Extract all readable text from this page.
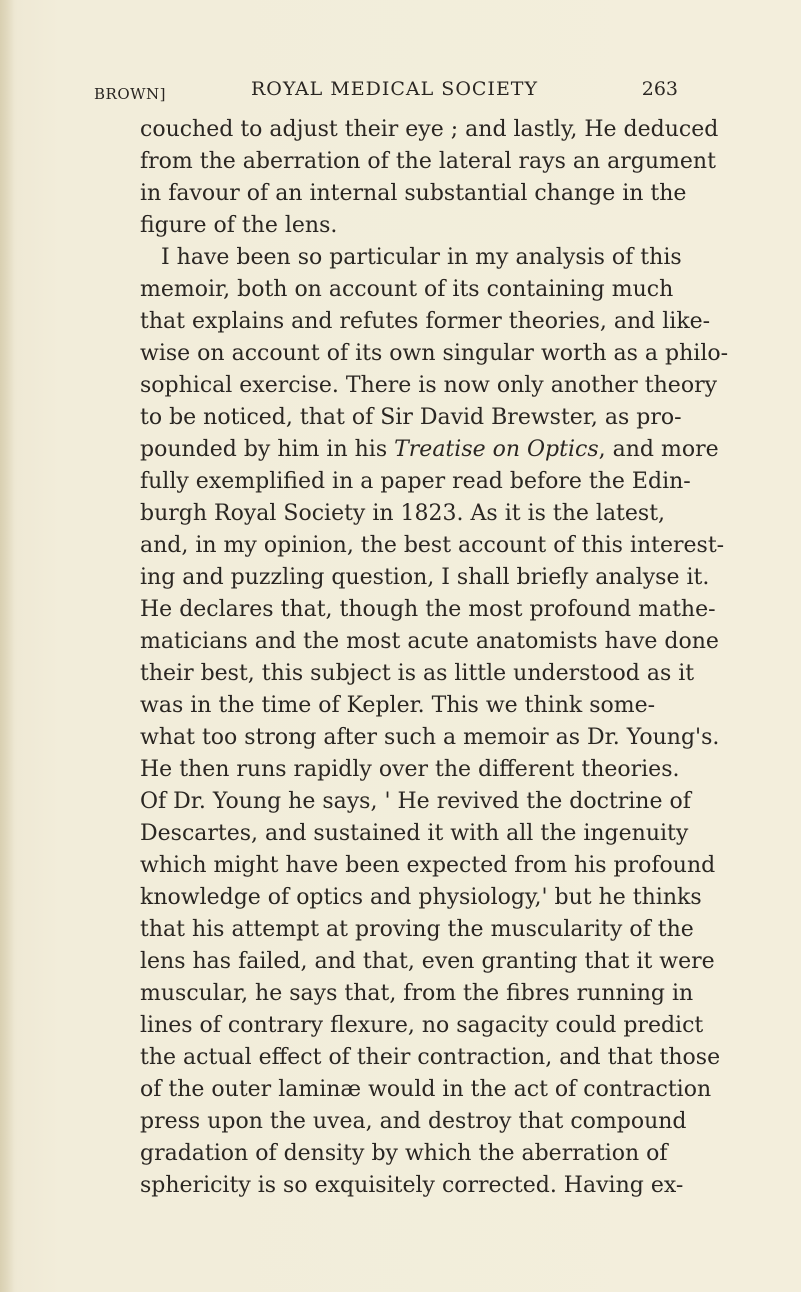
BROWN]	ROYAL MEDICAL SOCIETY	263
couched to adjust their eye ; and lastly, He deduced
from the aberration of the lateral rays an argument
in favour of an internal substantial change in the
figure of the lens.
I have been so particular in my analysis of this
memoir, both on account of its containing much
that explains and refutes former theories, and like-
wise on account of its own singular worth as a philo-
sophical exercise. There is now only another theory
to be noticed, that of Sir David Brewster, as pro-
pounded by him in his Treatise on Optics, and more
fully exemplified in a paper read before the Edin-
burgh Royal Society in 1823. As it is the latest,
and, in my opinion, the best account of this interest-
ing and puzzling question, I shall briefly analyse it.
He declares that, though the most profound mathe-
maticians and the most acute anatomists have done
their best, this subject is as little understood as it
was in the time of Kepler. This we think some-
what too strong after such a memoir as Dr. Young's.
He then runs rapidly over the different theories.
Of Dr. Young he says, ' He revived the doctrine of
Descartes, and sustained it with all the ingenuity
which might have been expected from his profound
knowledge of optics and physiology,' but he thinks
that his attempt at proving the muscularity of the
lens has failed, and that, even granting that it were
muscular, he says that, from the fibres running in
lines of contrary flexure, no sagacity could predict
the actual effect of their contraction, and that those
of the outer laminæ would in the act of contraction
press upon the uvea, and destroy that compound
gradation of density by which the aberration of
sphericity is so exquisitely corrected. Having ex-
